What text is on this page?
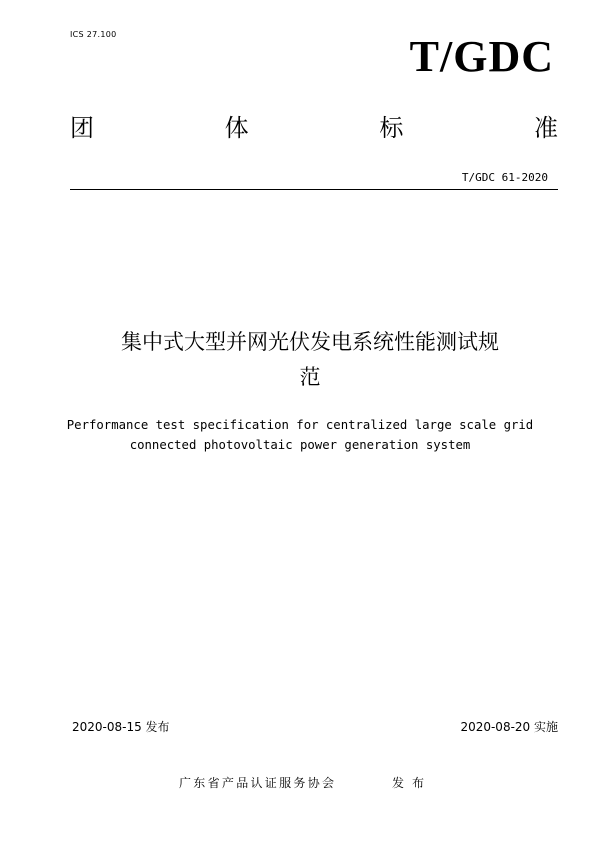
ICS 27.100	T/GDC
团	体	标	准
T/GDC 61-2020
集中式大型并网光伏发电系统性能测试规
范
Performance test specification for centralized large scale grid
connected photovoltaic power generation system
2020-08-15 发布	2020-08-20 实施
广东省产品认证服务协会	发布
